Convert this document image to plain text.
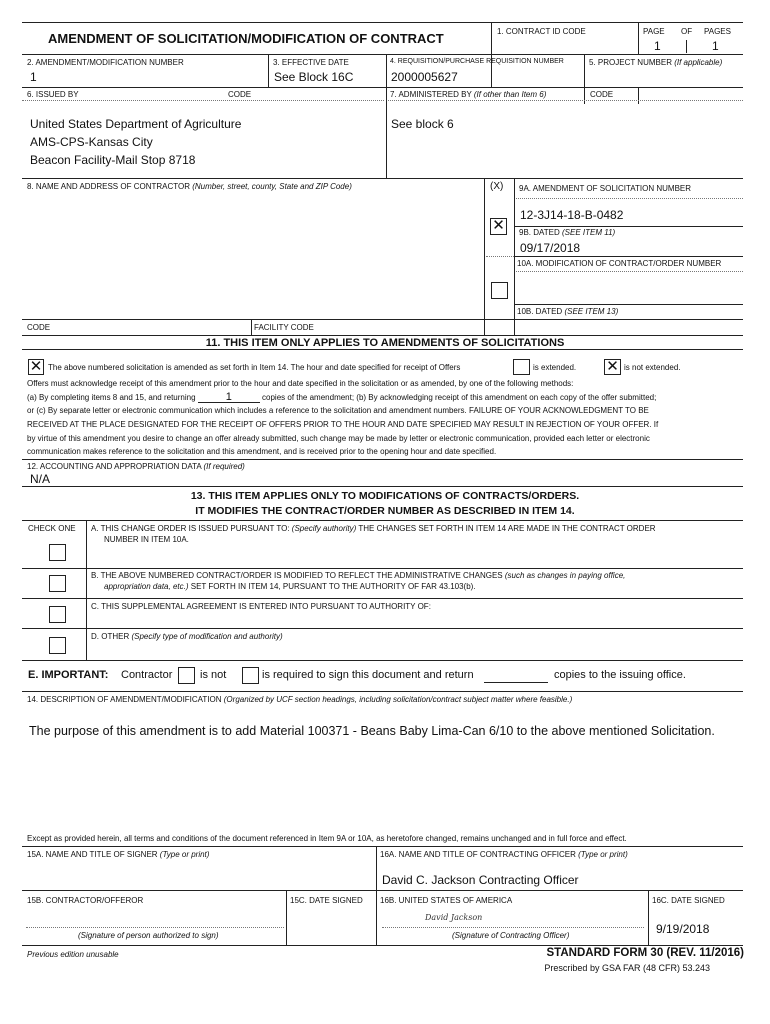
AMENDMENT OF SOLICITATION/MODIFICATION OF CONTRACT	1. CONTRACT ID CODE	PAGE OF PAGES
1	1
2. AMENDMENT/MODIFICATION NUMBER
1
3. EFFECTIVE DATE
See Block 16C
4. REQUISITION/PURCHASE REQUISITION NUMBER
2000005627
5. PROJECT NUMBER (If applicable)
6. ISSUED BY	CODE	7. ADMINISTERED BY (If other than Item 6)	CODE
United States Department of Agriculture
AMS-CPS-Kansas City
Beacon Facility-Mail Stop 8718
See block 6
8. NAME AND ADDRESS OF CONTRACTOR (Number, street, county, State and ZIP Code)	(X) 9A. AMENDMENT OF SOLICITATION NUMBER
12-3J14-18-B-0482
✕ 9B. DATED (SEE ITEM 11)
09/17/2018
10A. MODIFICATION OF CONTRACT/ORDER NUMBER
10B. DATED (SEE ITEM 13)
CODE	FACILITY CODE
11. THIS ITEM ONLY APPLIES TO AMENDMENTS OF SOLICITATIONS
✕ The above numbered solicitation is amended as set forth in Item 14. The hour and date specified for receipt of Offers	is extended. ✕ is not extended.
Offers must acknowledge receipt of this amendment prior to the hour and date specified in the solicitation or as amended, by one of the following methods:
(a) By completing items 8 and 15, and returning	1	copies of the amendment; (b) By acknowledging receipt of this amendment on each copy of the offer submitted;
or (c) By separate letter or electronic communication which includes a reference to the solicitation and amendment numbers. FAILURE OF YOUR ACKNOWLEDGMENT TO BE
RECEIVED AT THE PLACE DESIGNATED FOR THE RECEIPT OF OFFERS PRIOR TO THE HOUR AND DATE SPECIFIED MAY RESULT IN REJECTION OF YOUR OFFER. If
by virtue of this amendment you desire to change an offer already submitted, such change may be made by letter or electronic communication, provided each letter or electronic
communication makes reference to the solicitation and this amendment, and is received prior to the opening hour and date specified.
12. ACCOUNTING AND APPROPRIATION DATA (If required)
N/A
13. THIS ITEM APPLIES ONLY TO MODIFICATIONS OF CONTRACTS/ORDERS.
IT MODIFIES THE CONTRACT/ORDER NUMBER AS DESCRIBED IN ITEM 14.
CHECK ONE A. THIS CHANGE ORDER IS ISSUED PURSUANT TO: (Specify authority) THE CHANGES SET FORTH IN ITEM 14 ARE MADE IN THE CONTRACT ORDER
NUMBER IN ITEM 10A.
B. THE ABOVE NUMBERED CONTRACT/ORDER IS MODIFIED TO REFLECT THE ADMINISTRATIVE CHANGES (such as changes in paying office,
appropriation data, etc.) SET FORTH IN ITEM 14, PURSUANT TO THE AUTHORITY OF FAR 43.103(b).
C. THIS SUPPLEMENTAL AGREEMENT IS ENTERED INTO PURSUANT TO AUTHORITY OF:
D. OTHER (Specify type of modification and authority)
E. IMPORTANT: Contractor	is not	is required to sign this document and return	copies to the issuing office.
14. DESCRIPTION OF AMENDMENT/MODIFICATION (Organized by UCF section headings, including solicitation/contract subject matter where feasible.)
The purpose of this amendment is to add Material 100371 - Beans Baby Lima-Can 6/10 to the above mentioned Solicitation.
Except as provided herein, all terms and conditions of the document referenced in Item 9A or 10A, as heretofore changed, remains unchanged and in full force and effect.
15A. NAME AND TITLE OF SIGNER (Type or print)	16A. NAME AND TITLE OF CONTRACTING OFFICER (Type or print)
David C. Jackson Contracting Officer
15B. CONTRACTOR/OFFEROR	15C. DATE SIGNED 16B. UNITED STATES OF AMERICA	16C. DATE SIGNED
David Jackson
9/19/2018
(Signature of person authorized to sign)	(Signature of Contracting Officer)
Previous edition unusable	STANDARD FORM 30 (REV. 11/2016)
Prescribed by GSA FAR (48 CFR) 53.243
